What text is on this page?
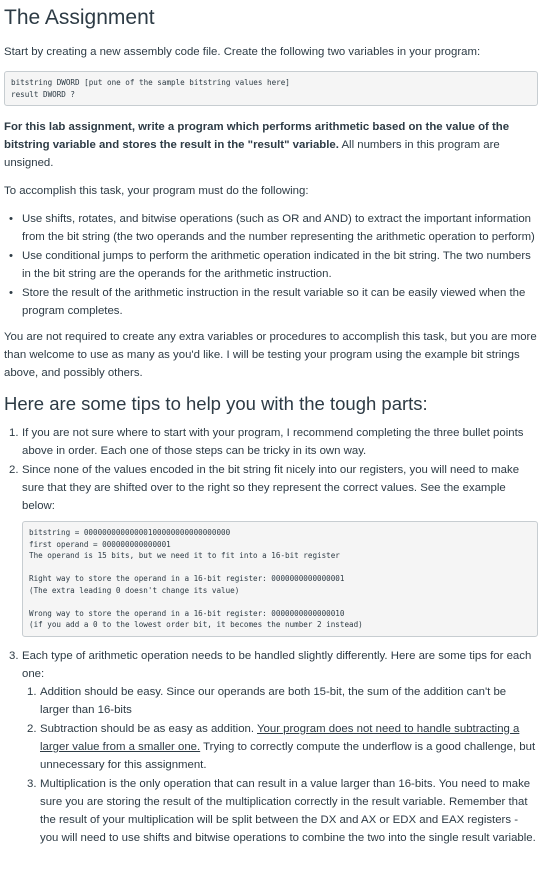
The Assignment

Start by creating a new assembly code file. Create the following two variables in your program:

bitstring DWORD [put one of the sample bitstring values here]
result DWORD ?

For this lab assignment, write a program which performs arithmetic based on the value of the bitstring variable and stores the result in the "result" variable. All numbers in this program are unsigned.

To accomplish this task, your program must do the following:

• Use shifts, rotates, and bitwise operations (such as OR and AND) to extract the important information from the bit string (the two operands and the number representing the arithmetic operation to perform)
• Use conditional jumps to perform the arithmetic operation indicated in the bit string. The two numbers in the bit string are the operands for the arithmetic instruction.
• Store the result of the arithmetic instruction in the result variable so it can be easily viewed when the program completes.

You are not required to create any extra variables or procedures to accomplish this task, but you are more than welcome to use as many as you'd like. I will be testing your program using the example bit strings above, and possibly others.

Here are some tips to help you with the tough parts:
1. If you are not sure where to start with your program, I recommend completing the three bullet points above in order. Each one of those steps can be tricky in its own way.
2. Since none of the values encoded in the bit string fit nicely into our registers, you will need to make sure that they are shifted over to the right so they represent the correct values. See the example below:
bitstring = 00000000000000100000000000000000
first operand = 000000000000001
The operand is 15 bits, but we need it to fit into a 16-bit register

Right way to store the operand in a 16-bit register: 0000000000000001
(The extra leading 0 doesn't change its value)

Wrong way to store the operand in a 16-bit register: 0000000000000010
(if you add a 0 to the lowest order bit, it becomes the number 2 instead)
3. Each type of arithmetic operation needs to be handled slightly differently. Here are some tips for each one:
1. Addition should be easy. Since our operands are both 15-bit, the sum of the addition can't be larger than 16-bits
2. Subtraction should be as easy as addition. Your program does not need to handle subtracting a larger value from a smaller one. Trying to correctly compute the underflow is a good challenge, but unnecessary for this assignment.
3. Multiplication is the only operation that can result in a value larger than 16-bits. You need to make sure you are storing the result of the multiplication correctly in the result variable. Remember that the result of your multiplication will be split between the DX and AX or EDX and EAX registers - you will need to use shifts and bitwise operations to combine the two into the single result variable.
